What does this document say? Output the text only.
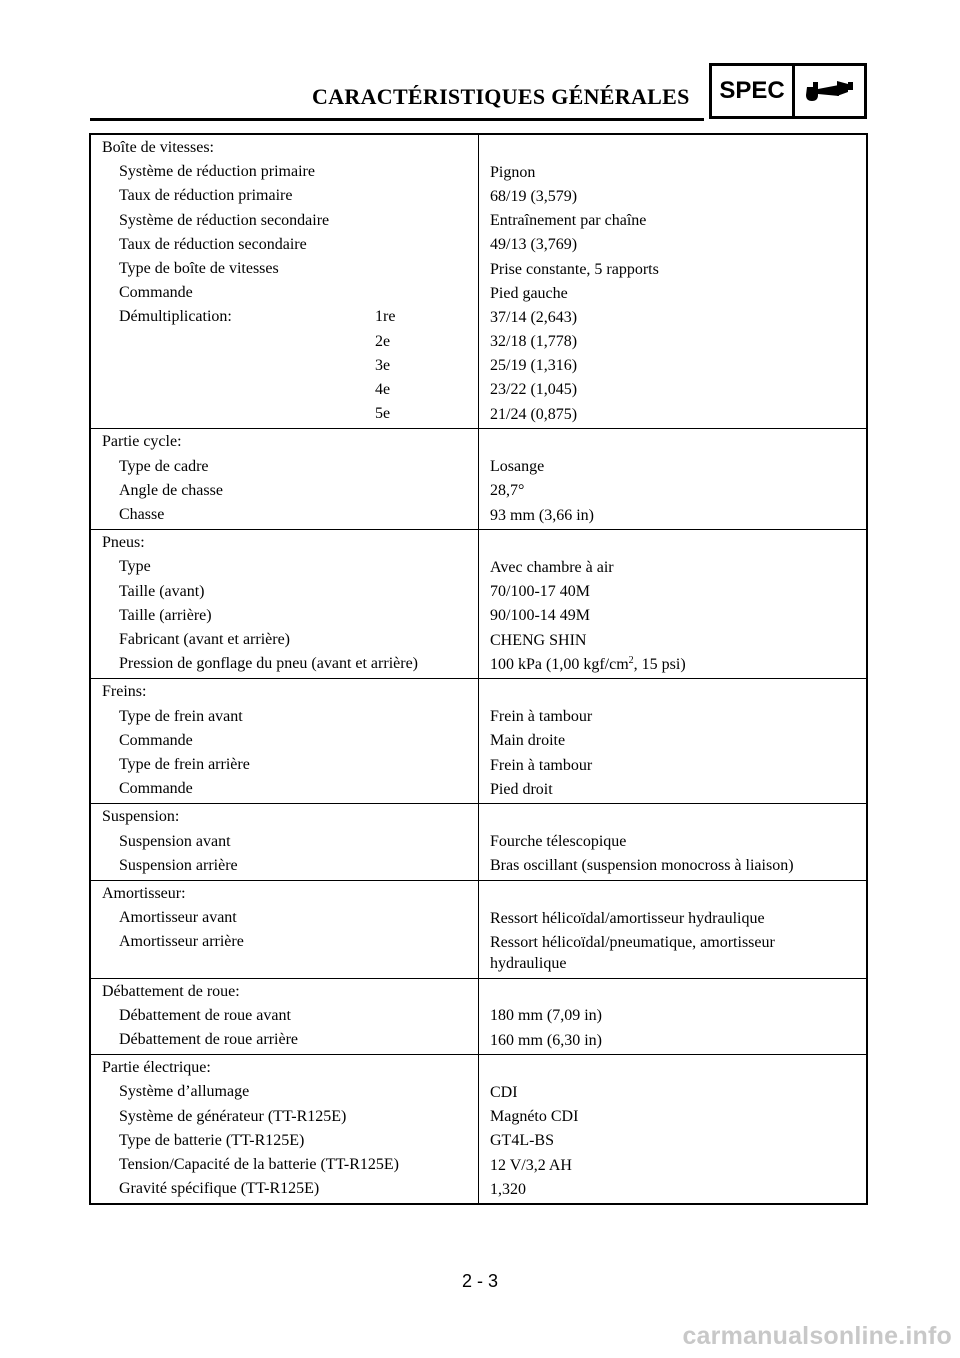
CARACTÉRISTIQUES GÉNÉRALES	SPEC
Boîte de vitesses:
Système de réduction primaire
Taux de réduction primaire
Système de réduction secondaire
Taux de réduction secondaire
Type de boîte de vitesses
Commande
Démultiplication:	1re
2e
3e
4e
5e
Pignon
68/19 (3,579)
Entraînement par chaîne
49/13 (3,769)
Prise constante, 5 rapports
Pied gauche
37/14 (2,643)
32/18 (1,778)
25/19 (1,316)
23/22 (1,045)
21/24 (0,875)
Partie cycle:
Type de cadre
Angle de chasse
Chasse
Losange
28,7°
93 mm (3,66 in)
Pneus:
Type
Taille (avant)
Taille (arrière)
Fabricant (avant et arrière)
Pression de gonflage du pneu (avant et arrière)
Avec chambre à air
70/100-17 40M
90/100-14 49M
CHENG SHIN
100 kPa (1,00 kgf/$cm^2$, 15 psi)
Freins:
Type de frein avant
Commande
Type de frein arrière
Commande
Frein à tambour
Main droite
Frein à tambour
Pied droit
Suspension:
Suspension avant
Suspension arrière
Fourche télescopique
Bras oscillant (suspension monocross à liaison)
Amortisseur:
Amortisseur avant
Amortisseur arrière
Ressort hélicoïdal/amortisseur hydraulique
Ressort hélicoïdal/pneumatique, amortisseur
hydraulique
Débattement de roue:
Débattement de roue avant
Débattement de roue arrière
180 mm (7,09 in)
160 mm (6,30 in)
Partie électrique:
Système d’allumage
Système de générateur (TT-R125E)
Type de batterie (TT-R125E)
Tension/Capacité de la batterie (TT-R125E)
Gravité spécifique (TT-R125E)
CDI
Magnéto CDI
GT4L-BS
12 V/3,2 AH
1,320
2 - 3
carmanualsonline.info
